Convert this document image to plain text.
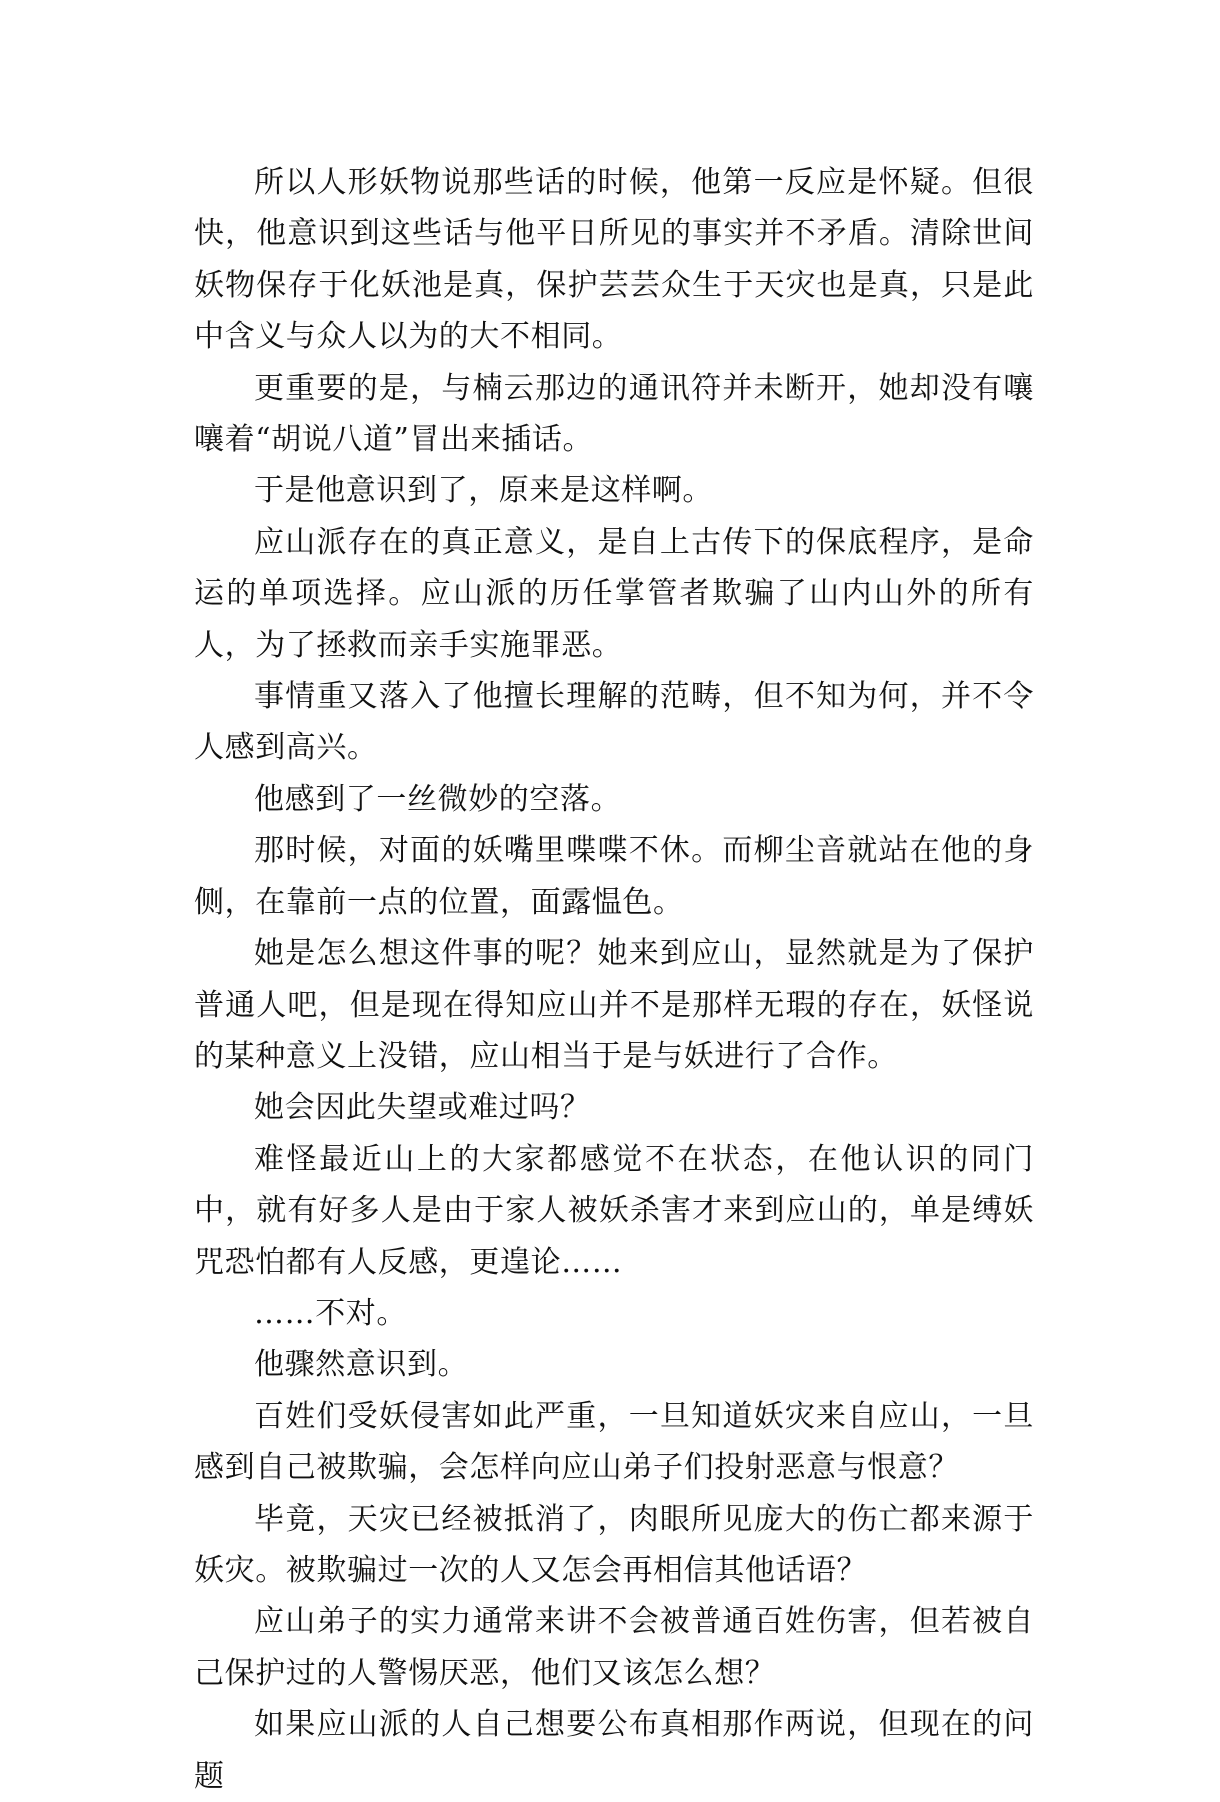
所以人形妖物说那些话的时候，他第一反应是怀疑。但很快，他意识到这些话与他平日所见的事实并不矛盾。清除世间妖物保存于化妖池是真，保护芸芸众生于天灾也是真，只是此中含义与众人以为的大不相同。

更重要的是，与楠云那边的通讯符并未断开，她却没有嚷嚷着“胡说八道”冒出来插话。

于是他意识到了，原来是这样啊。

应山派存在的真正意义，是自上古传下的保底程序，是命运的单项选择。应山派的历任掌管者欺骗了山内山外的所有人，为了拯救而亲手实施罪恶。

事情重又落入了他擅长理解的范畴，但不知为何，并不令人感到高兴。

他感到了一丝微妙的空落。

那时候，对面的妖嘴里喋喋不休。而柳尘音就站在他的身侧，在靠前一点的位置，面露愠色。

她是怎么想这件事的呢？她来到应山，显然就是为了保护普通人吧，但是现在得知应山并不是那样无瑕的存在，妖怪说的某种意义上没错，应山相当于是与妖进行了合作。

她会因此失望或难过吗？

难怪最近山上的大家都感觉不在状态，在他认识的同门中，就有好多人是由于家人被妖杀害才来到应山的，单是缚妖咒恐怕都有人反感，更遑论……

……不对。

他骤然意识到。

百姓们受妖侵害如此严重，一旦知道妖灾来自应山，一旦感到自己被欺骗，会怎样向应山弟子们投射恶意与恨意？

毕竟，天灾已经被抵消了，肉眼所见庞大的伤亡都来源于妖灾。被欺骗过一次的人又怎会再相信其他话语？

应山弟子的实力通常来讲不会被普通百姓伤害，但若被自己保护过的人警惕厌恶，他们又该怎么想？

如果应山派的人自己想要公布真相那作两说，但现在的问题
